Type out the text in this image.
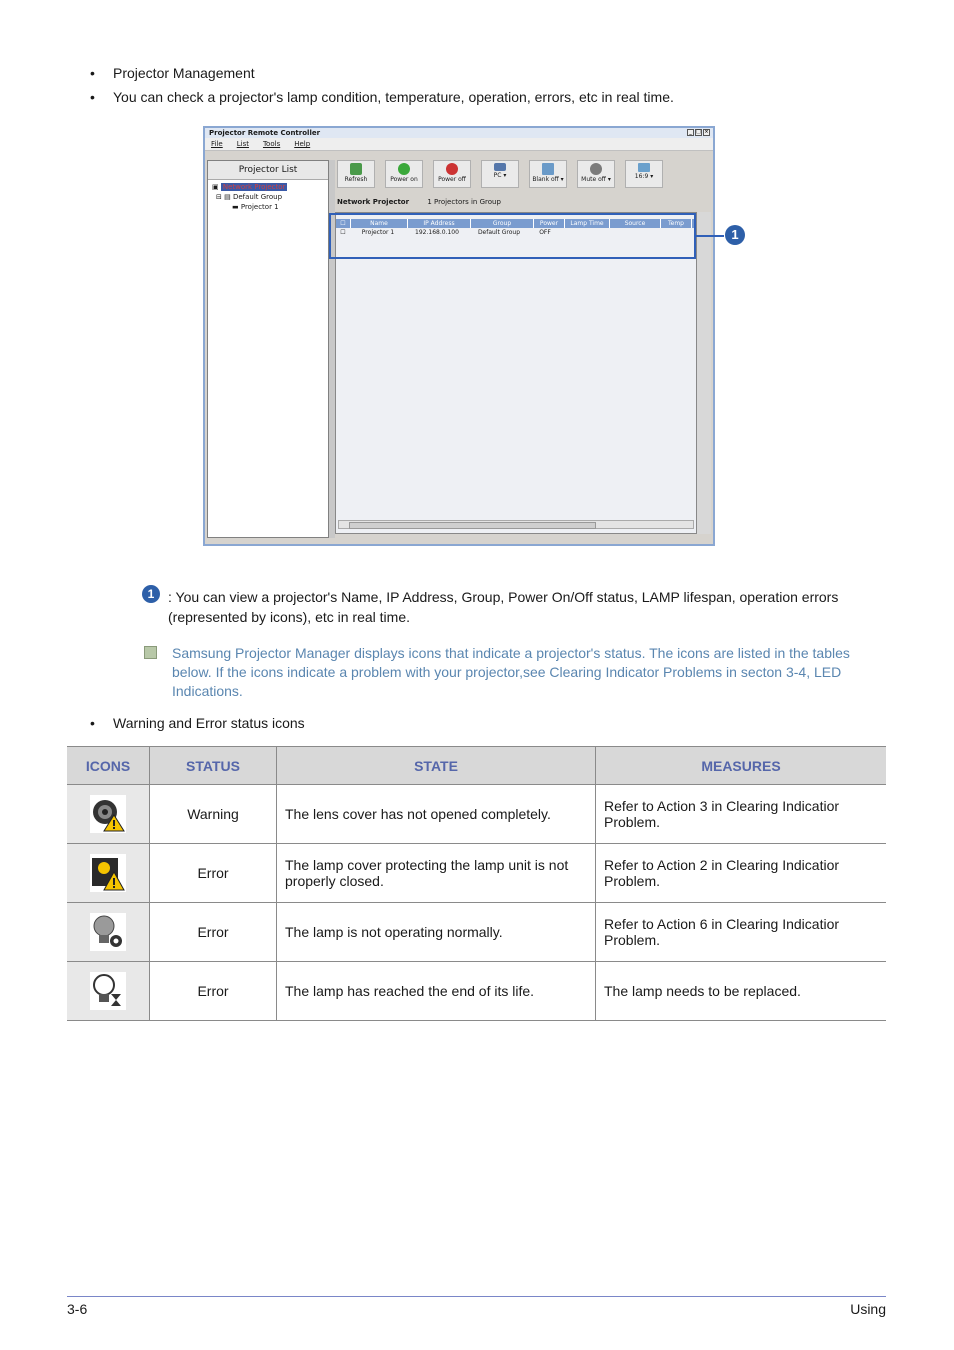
• Projector Management
• You can check a projector's lamp condition, temperature, operation, errors, etc in real time.
Projector Remote Controller	_ □ ×
File List Tools Help
Projector List
▣ Network Projector
⊟ ▤ Default Group
▬ Projector 1
Refresh	Power on	Power off
PC ▾
Blank off ▾	Mute off ▾	16:9 ▾
Network Projector	1 Projectors in Group
☐	Name	IP Address	Group	Power	Lamp Time	Source	Temp
☐	Projector 1	192.168.0.100	Default Group	OFF	1
1 : You can view a projector's Name, IP Address, Group, Power On/Off status, LAMP lifespan, operation errors (represented by icons), etc in real time.
Samsung Projector Manager displays icons that indicate a projector's status. The icons are listed in the tables below. If the icons indicate a problem with your projector,see Clearing Indicator Problems in secton 3-4, LED Indications.
• Warning and Error status icons
ICONS	STATUS	STATE	MEASURES
	Warning	The lens cover has not opened completely.	Refer to Action 3 in Clearing Indicatior Problem.
	Error	The lamp cover protecting the lamp unit is not properly closed.	Refer to Action 2 in Clearing Indicatior Problem.
	Error	The lamp is not operating normally.	Refer to Action 6 in Clearing Indicatior Problem.
	Error	The lamp has reached the end of its life.	The lamp needs to be replaced.
3-6	Using
